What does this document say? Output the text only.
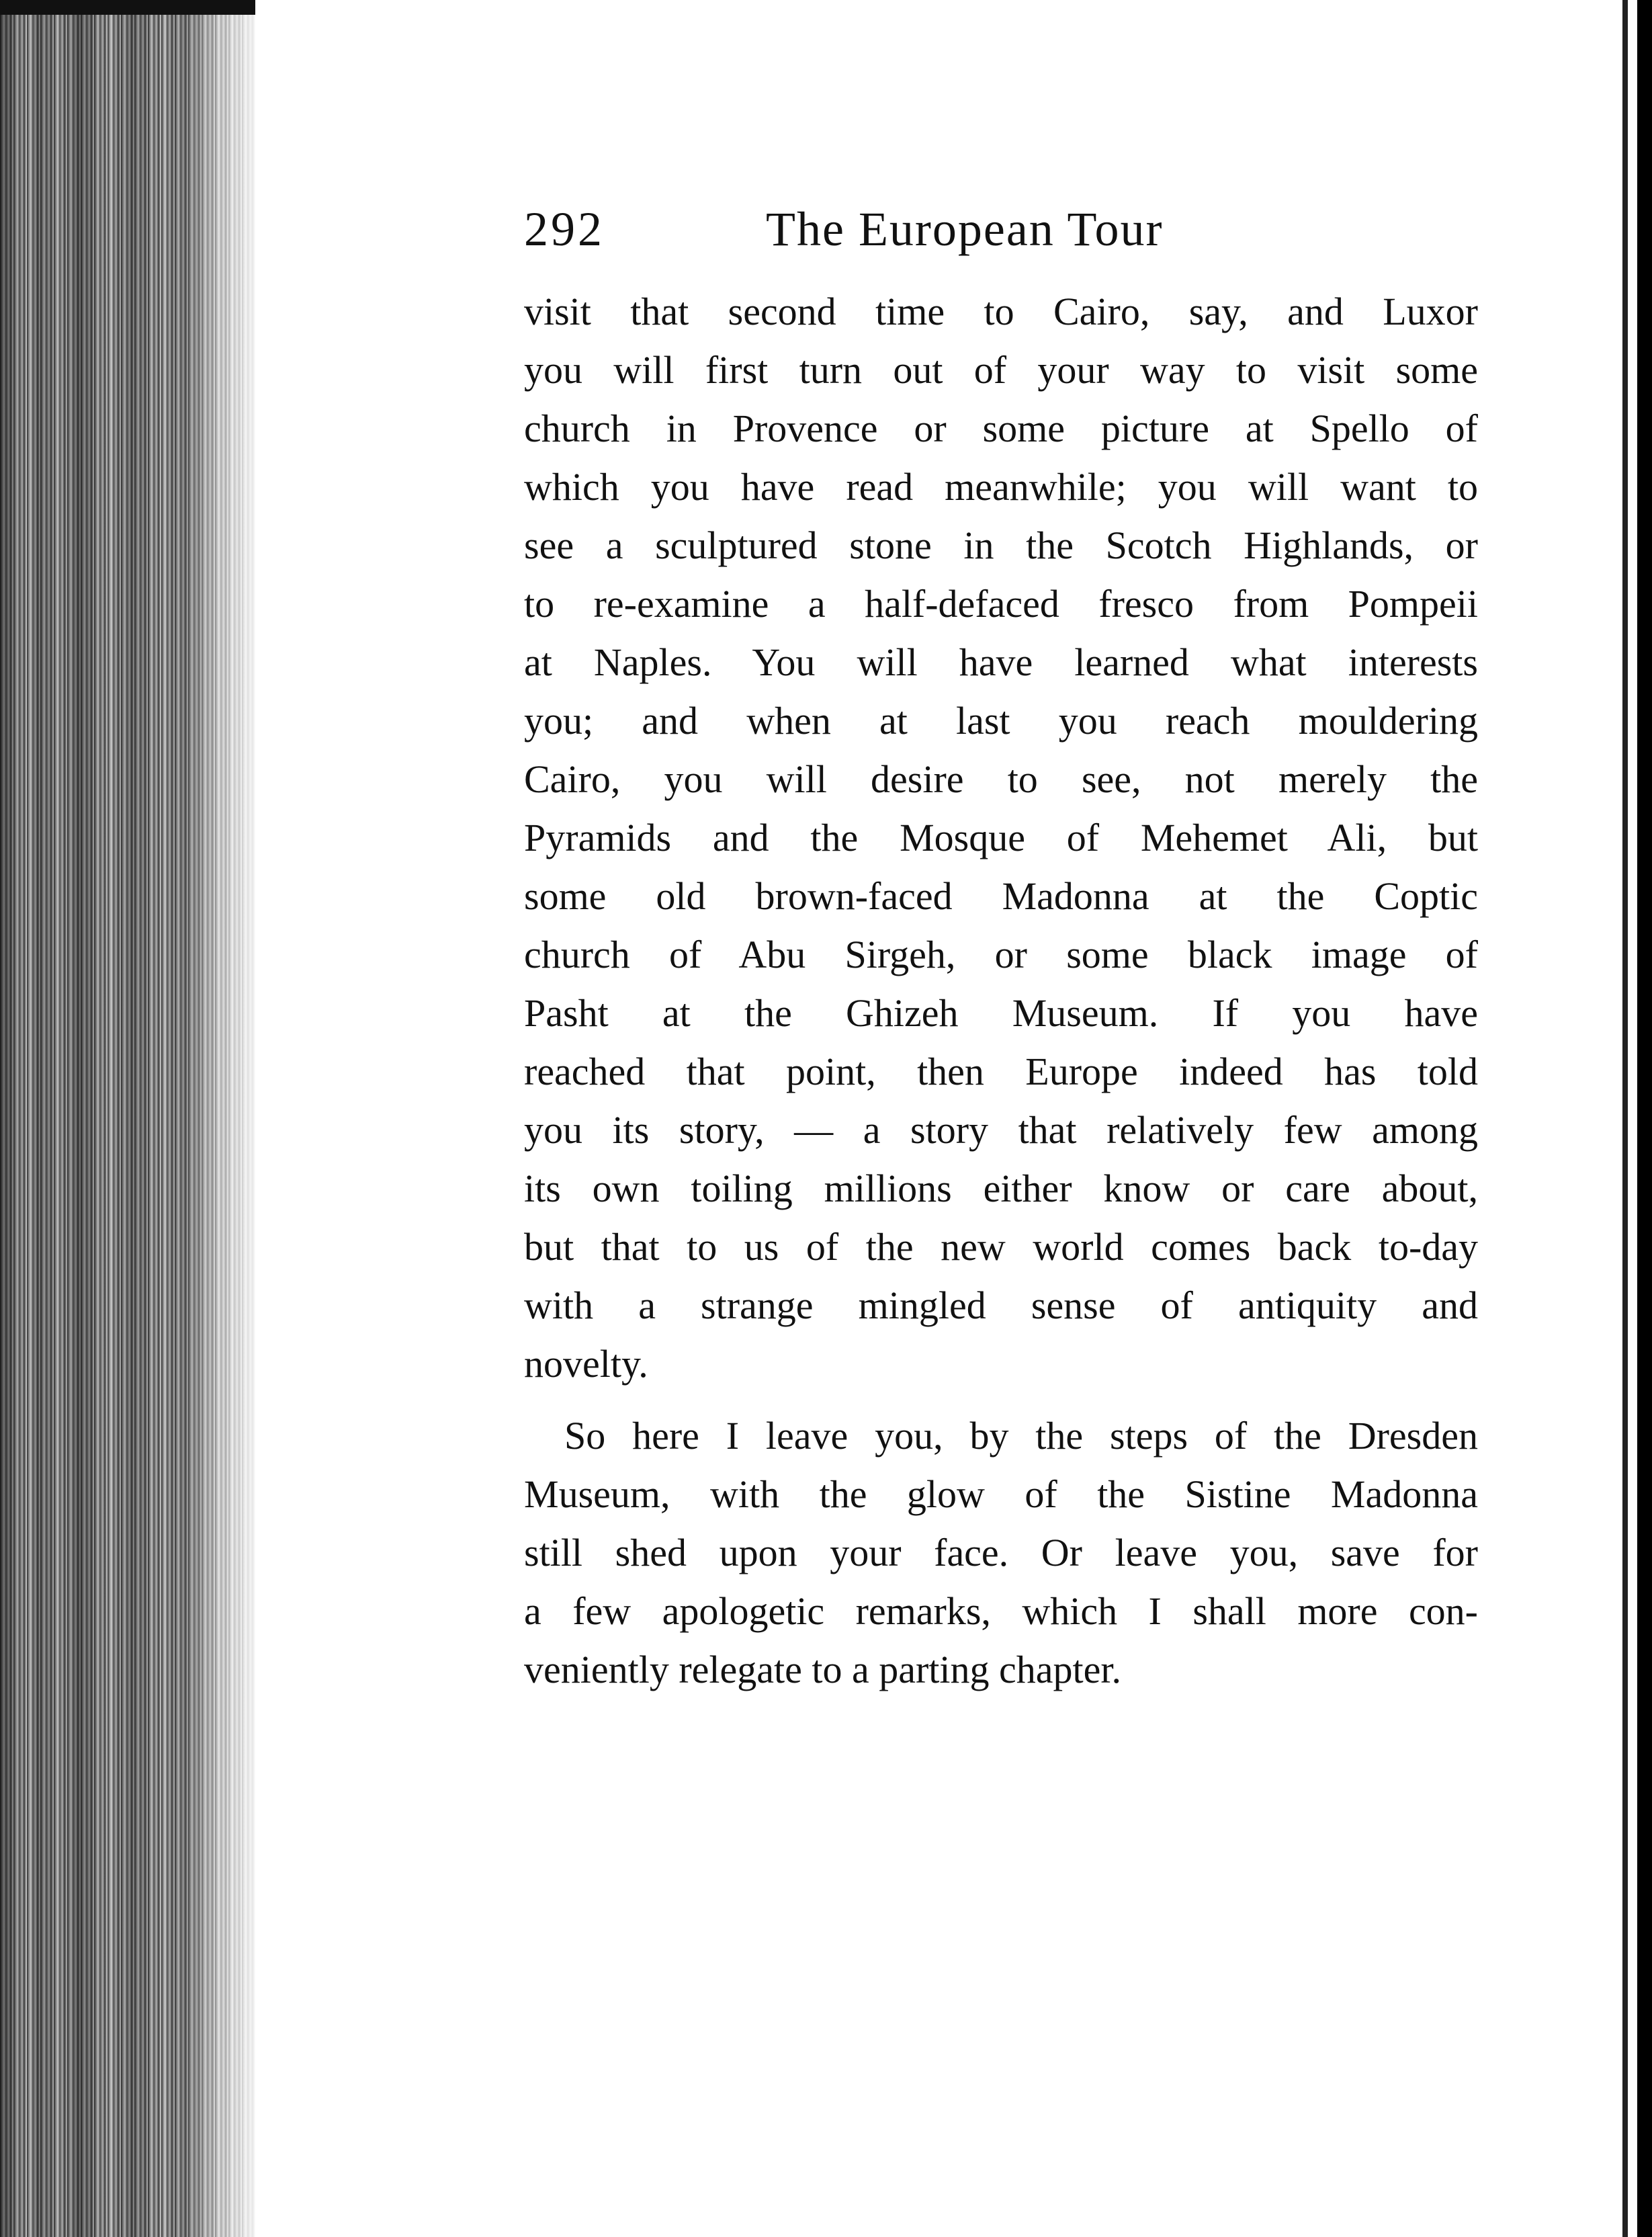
292	The European Tour
visit that second time to Cairo, say, and Luxor
you will first turn out of your way to visit some
church in Provence or some picture at Spello of
which you have read meanwhile; you will want to
see a sculptured stone in the Scotch Highlands, or
to re-examine a half-defaced fresco from Pompeii
at Naples. You will have learned what interests
you; and when at last you reach mouldering
Cairo, you will desire to see, not merely the
Pyramids and the Mosque of Mehemet Ali, but
some old brown-faced Madonna at the Coptic
church of Abu Sirgeh, or some black image of
Pasht at the Ghizeh Museum. If you have
reached that point, then Europe indeed has told
you its story, — a story that relatively few among
its own toiling millions either know or care about,
but that to us of the new world comes back to-day
with a strange mingled sense of antiquity and
novelty.
So here I leave you, by the steps of the Dresden
Museum, with the glow of the Sistine Madonna
still shed upon your face. Or leave you, save for
a few apologetic remarks, which I shall more con-
veniently relegate to a parting chapter.
